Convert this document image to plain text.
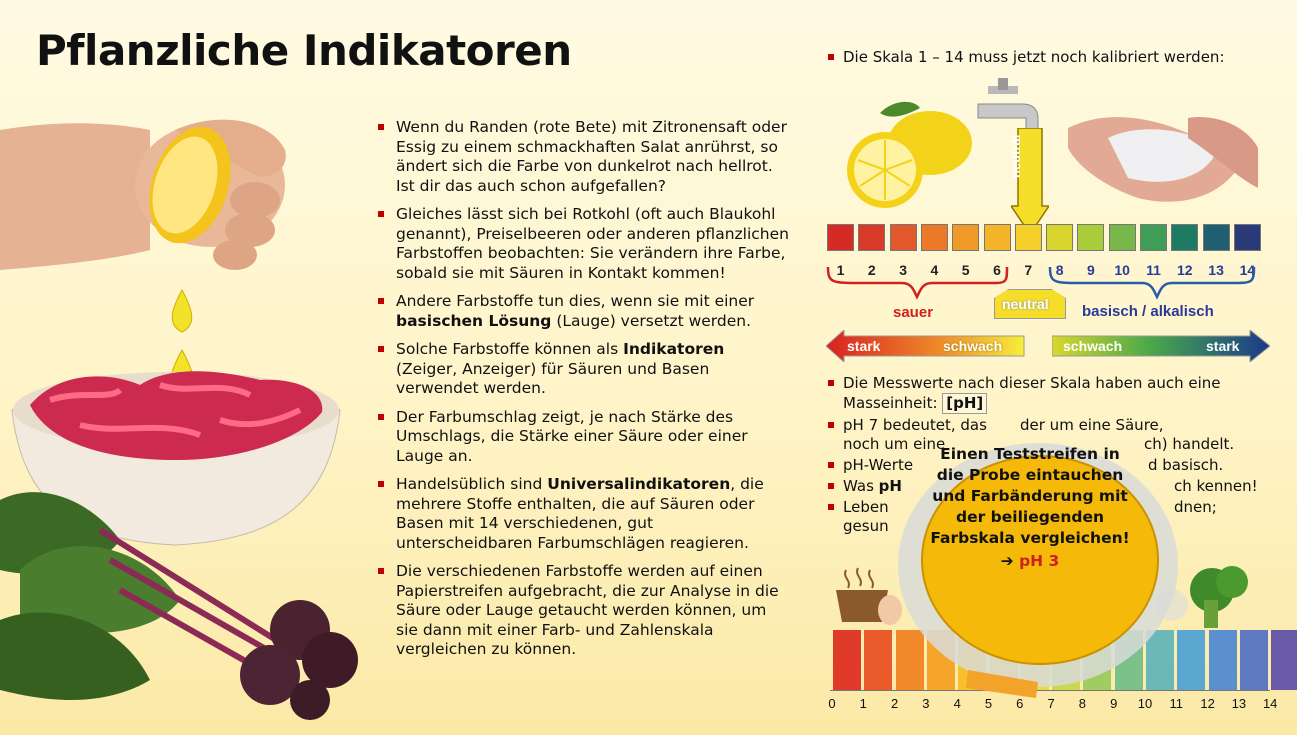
Pflanzliche Indikatoren
Wenn du Randen (rote Bete) mit Zitronensaft oder Essig zu einem schmackhaften Salat anrührst, so ändert sich die Farbe von dunkelrot nach hellrot. Ist dir das auch schon aufgefallen?
Gleiches lässt sich bei Rotkohl (oft auch Blaukohl genannt), Preiselbeeren oder anderen pflanzlichen Farbstoffen beobachten: Sie verändern ihre Farbe, sobald sie mit Säuren in Kontakt kommen!
Andere Farbstoffe tun dies, wenn sie mit einer basischen Lösung (Lauge) versetzt werden.
Solche Farbstoffe können als Indikatoren (Zeiger, Anzeiger) für Säuren und Basen verwendet werden.
Der Farbumschlag zeigt, je nach Stärke des Umschlags, die Stärke einer Säure oder einer Lauge an.
Handelsüblich sind Universalindikatoren, die mehrere Stoffe enthalten, die auf Säuren oder Basen mit 14 verschiedenen, gut unterscheidbaren Farbumschlägen reagieren.
Die verschiedenen Farbstoffe werden auf einen Papierstreifen aufgebracht, die zur Analyse in die Säure oder Lauge getaucht werden können, um sie dann mit einer Farb- und Zahlenskala vergleichen zu können.
Die Skala 1 – 14 muss jetzt noch kalibriert werden:
neutral
1	2	3	4	5	6	7	8	9	10	11	12	13	14
sauer	neutral basisch / alkalisch
stark	schwach	schwach	stark
Die Messwerte nach dieser Skala haben auch eine Masseinheit: [pH]
pH 7 bedeutet, das der um eine Säure,
noch um eine	ch) handelt.
pH-Werte	d basisch.
Was pH	ch kennen!
Leben	dnen;
gesun
0	1	2	3	4	5	6	7	8	9	10 11 12 13 14
Einen Teststreifen in die Probe eintauchen und Farbänderung mit der beiliegenden Farbskala vergleichen!
➔ pH 3
